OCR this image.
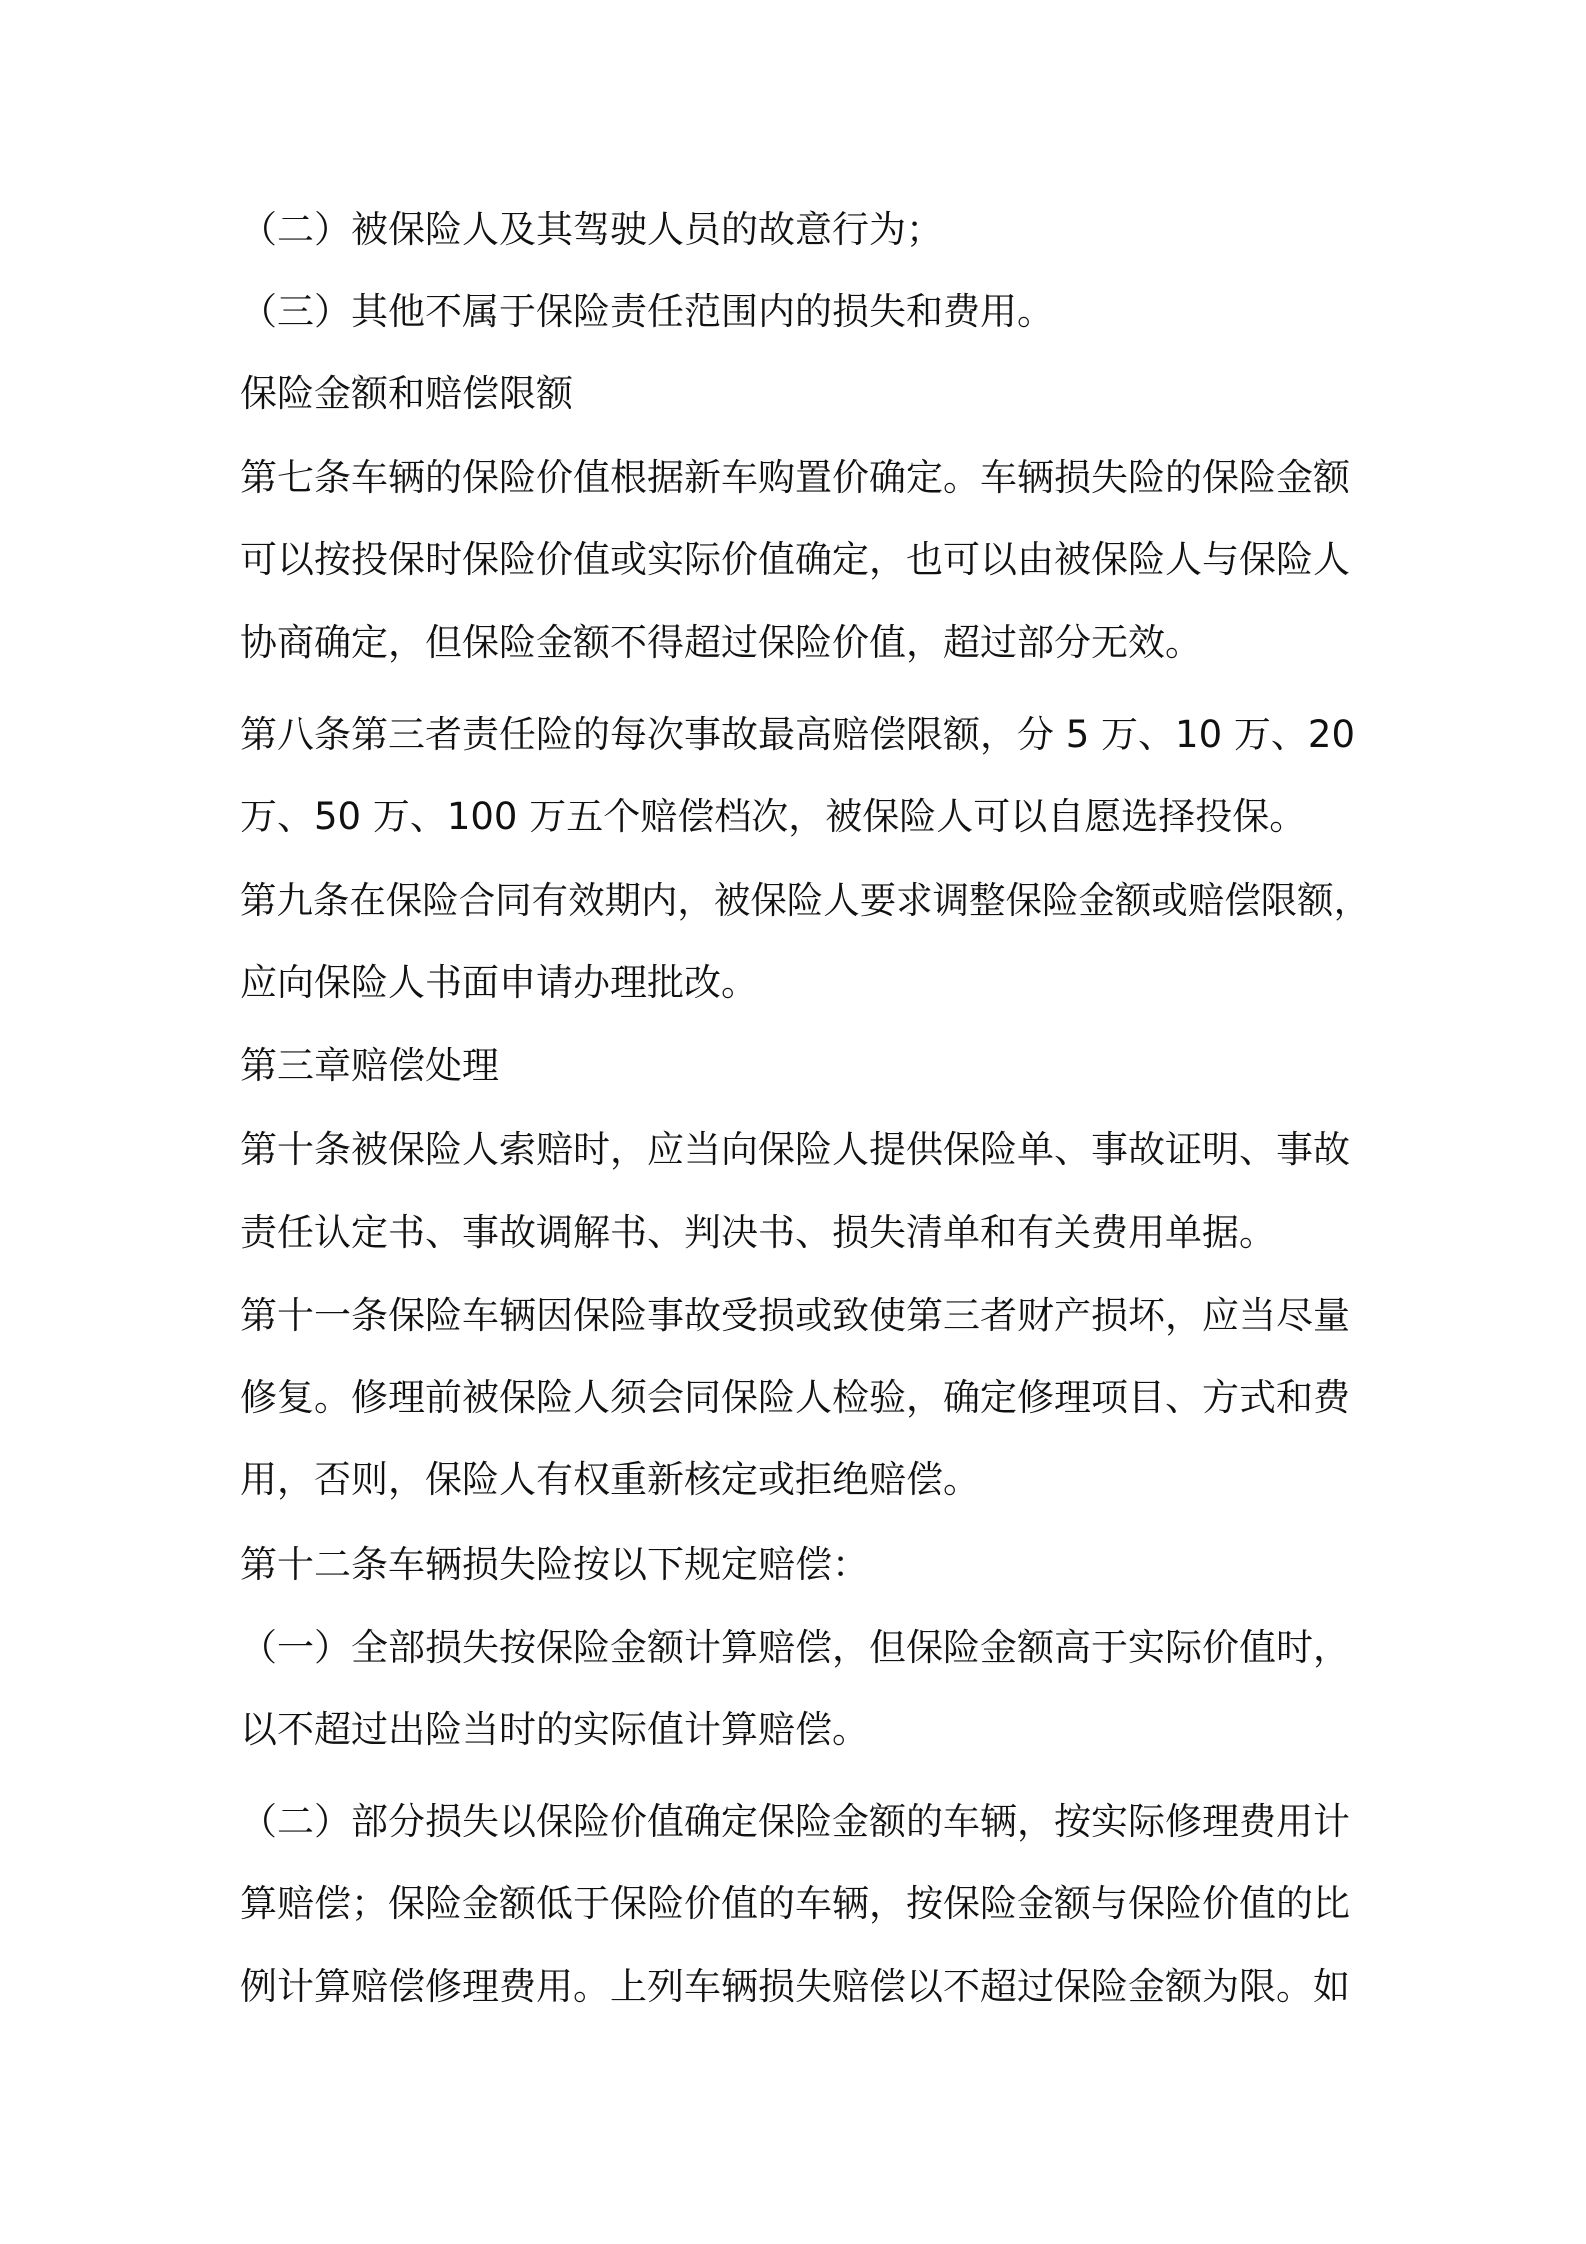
（二）被保险人及其驾驶人员的故意行为；
（三）其他不属于保险责任范围内的损失和费用。
保险金额和赔偿限额
第七条车辆的保险价值根据新车购置价确定。车辆损失险的保险金额
可以按投保时保险价值或实际价值确定，也可以由被保险人与保险人
协商确定，但保险金额不得超过保险价值，超过部分无效。
第八条第三者责任险的每次事故最高赔偿限额，分 5 万、10 万、20
万、50 万、100 万五个赔偿档次，被保险人可以自愿选择投保。
第九条在保险合同有效期内，被保险人要求调整保险金额或赔偿限额，
应向保险人书面申请办理批改。
第三章赔偿处理
第十条被保险人索赔时，应当向保险人提供保险单、事故证明、事故
责任认定书、事故调解书、判决书、损失清单和有关费用单据。
第十一条保险车辆因保险事故受损或致使第三者财产损坏，应当尽量
修复。修理前被保险人须会同保险人检验，确定修理项目、方式和费
用，否则，保险人有权重新核定或拒绝赔偿。
第十二条车辆损失险按以下规定赔偿：
（一）全部损失按保险金额计算赔偿，但保险金额高于实际价值时，
以不超过出险当时的实际值计算赔偿。
（二）部分损失以保险价值确定保险金额的车辆，按实际修理费用计
算赔偿；保险金额低于保险价值的车辆，按保险金额与保险价值的比
例计算赔偿修理费用。上列车辆损失赔偿以不超过保险金额为限。如
